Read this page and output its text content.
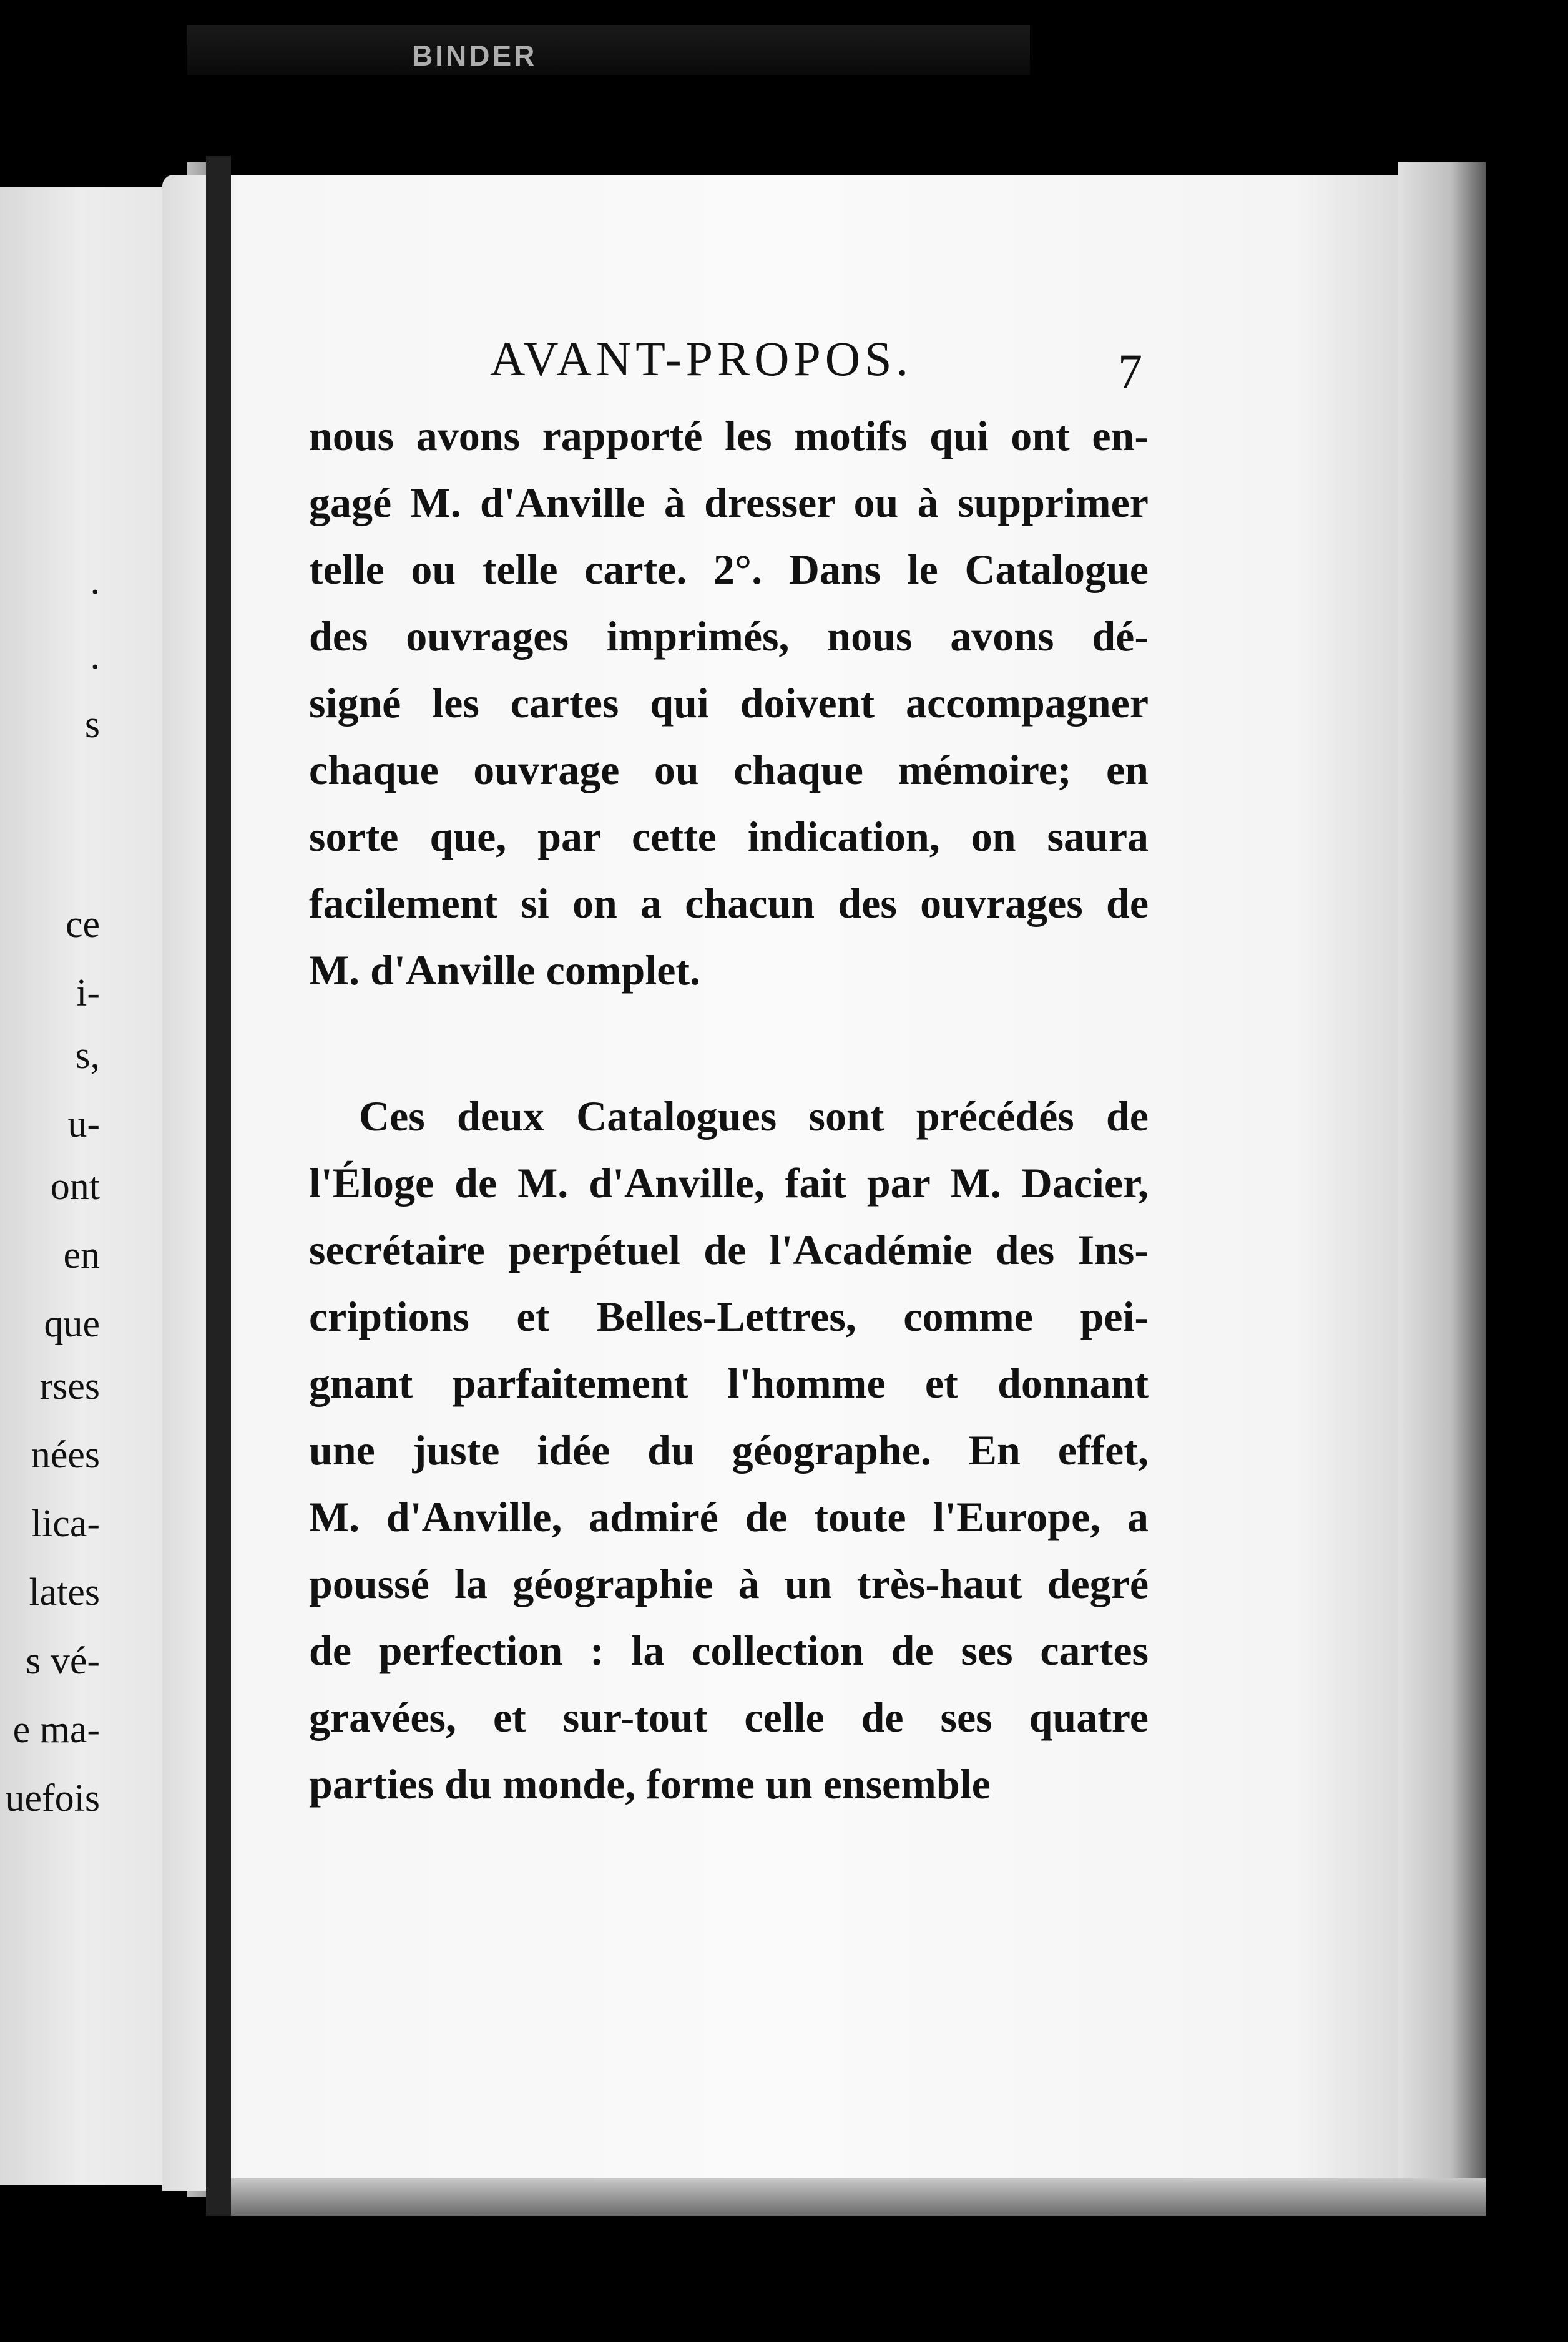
BINDER
.
.
s
ce
i-
s,
u-
ont
en
que
rses
nées
lica-
lates
s vé-
e ma-
uefois
AVANT-PROPOS.	7
nous avons rapporté les motifs qui ont en-
gagé M. d'Anville à dresser ou à supprimer
telle ou telle carte. 2°. Dans le Catalogue
des ouvrages imprimés, nous avons dé-
signé les cartes qui doivent accompagner
chaque ouvrage ou chaque mémoire; en
sorte que, par cette indication, on saura
facilement si on a chacun des ouvrages de
M. d'Anville complet.
Ces deux Catalogues sont précédés de
l'Éloge de M. d'Anville, fait par M. Dacier,
secrétaire perpétuel de l'Académie des Ins-
criptions et Belles-Lettres, comme pei-
gnant parfaitement l'homme et donnant
une juste idée du géographe. En effet,
M. d'Anville, admiré de toute l'Europe, a
poussé la géographie à un très-haut degré
de perfection : la collection de ses cartes
gravées, et sur-tout celle de ses quatre
parties du monde, forme un ensemble
